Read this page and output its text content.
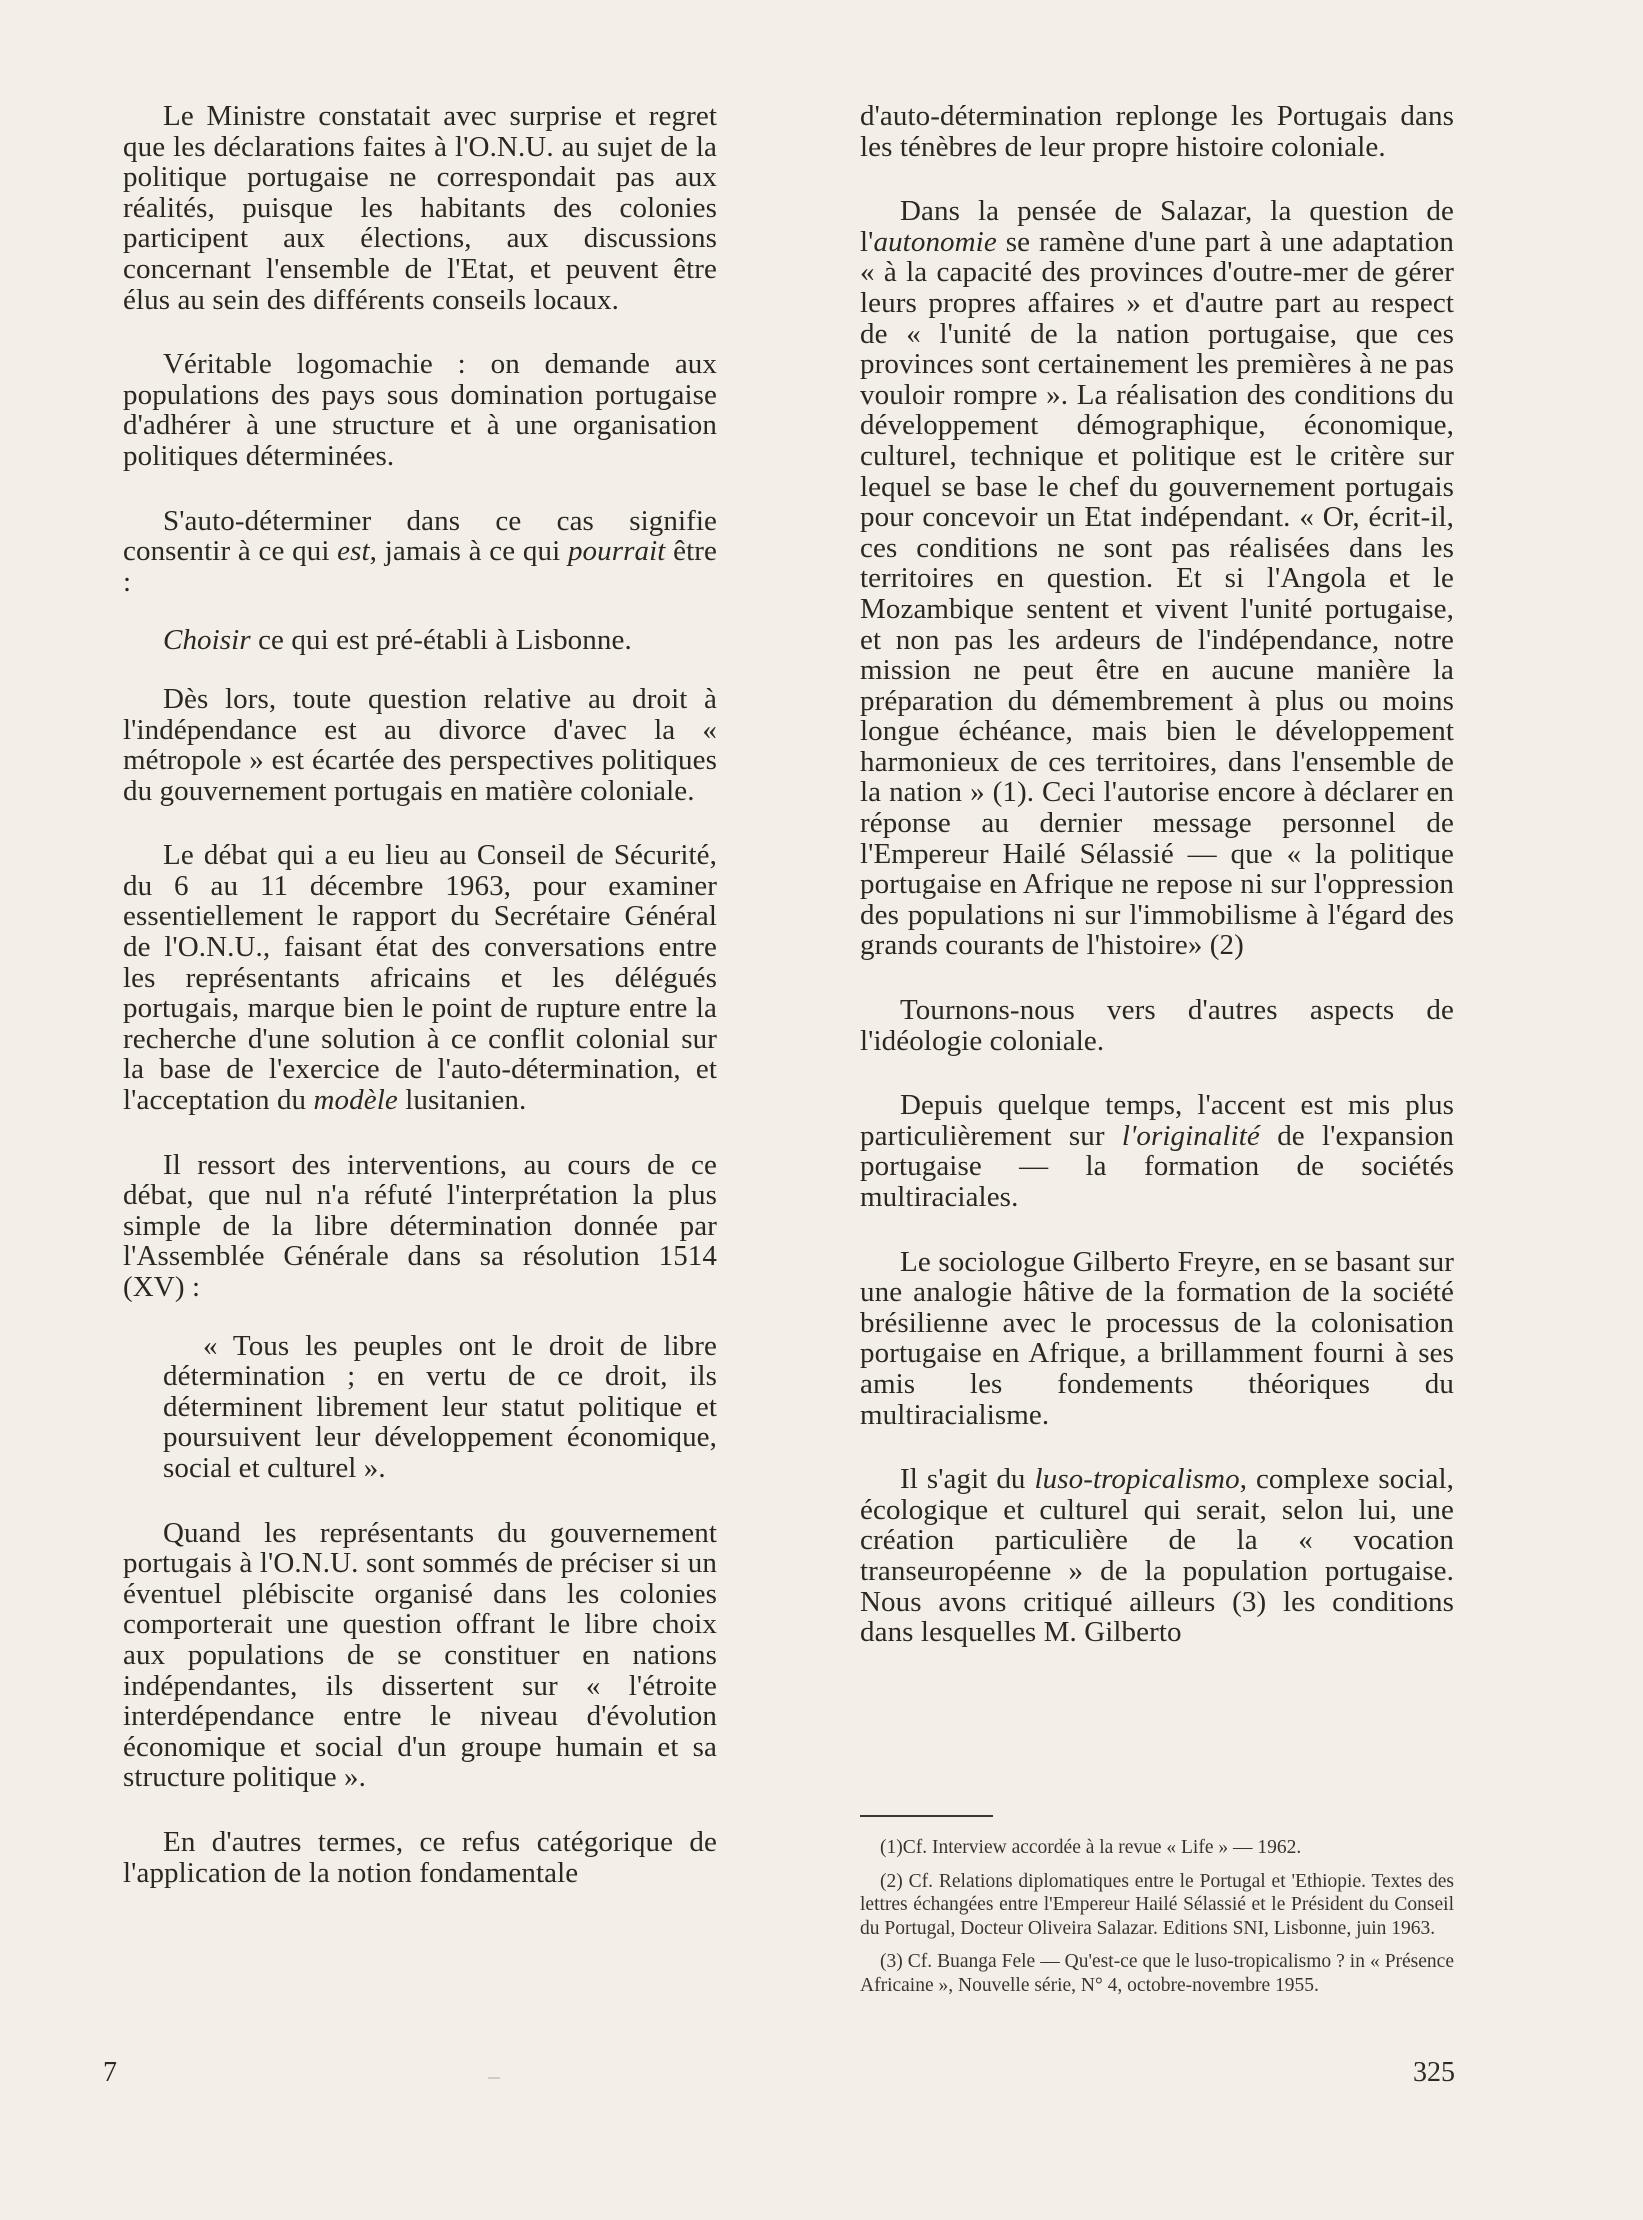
Le Ministre constatait avec surprise et regret que les déclarations faites à l'O.N.U. au sujet de la politique portugaise ne correspondait pas aux réalités, puisque les habitants des colonies participent aux élections, aux discussions concernant l'ensemble de l'Etat, et peuvent être élus au sein des différents conseils locaux.

Véritable logomachie : on demande aux populations des pays sous domination portugaise d'adhérer à une structure et à une organisation politiques déterminées.

S'auto-déterminer dans ce cas signifie consentir à ce qui est, jamais à ce qui pourrait être :

Choisir ce qui est pré-établi à Lisbonne.

Dès lors, toute question relative au droit à l'indépendance est au divorce d'avec la « métropole » est écartée des perspectives politiques du gouvernement portugais en matière coloniale.

Le débat qui a eu lieu au Conseil de Sécurité, du 6 au 11 décembre 1963, pour examiner essentiellement le rapport du Secrétaire Général de l'O.N.U., faisant état des conversations entre les représentants africains et les délégués portugais, marque bien le point de rupture entre la recherche d'une solution à ce conflit colonial sur la base de l'exercice de l'auto-détermination, et l'acceptation du modèle lusitanien.

Il ressort des interventions, au cours de ce débat, que nul n'a réfuté l'interprétation la plus simple de la libre détermination donnée par l'Assemblée Générale dans sa résolution 1514 (XV) :

« Tous les peuples ont le droit de libre détermination ; en vertu de ce droit, ils déterminent librement leur statut politique et poursuivent leur développement économique, social et culturel ».

Quand les représentants du gouvernement portugais à l'O.N.U. sont sommés de préciser si un éventuel plébiscite organisé dans les colonies comporterait une question offrant le libre choix aux populations de se constituer en nations indépendantes, ils dissertent sur « l'étroite interdépendance entre le niveau d'évolution économique et social d'un groupe humain et sa structure politique ».

En d'autres termes, ce refus catégorique de l'application de la notion fondamentale

d'auto-détermination replonge les Portugais dans les ténèbres de leur propre histoire coloniale.

Dans la pensée de Salazar, la question de l'autonomie se ramène d'une part à une adaptation « à la capacité des provinces d'outre-mer de gérer leurs propres affaires » et d'autre part au respect de « l'unité de la nation portugaise, que ces provinces sont certainement les premières à ne pas vouloir rompre ». La réalisation des conditions du développement démographique, économique, culturel, technique et politique est le critère sur lequel se base le chef du gouvernement portugais pour concevoir un Etat indépendant. « Or, écrit-il, ces conditions ne sont pas réalisées dans les territoires en question. Et si l'Angola et le Mozambique sentent et vivent l'unité portugaise, et non pas les ardeurs de l'indépendance, notre mission ne peut être en aucune manière la préparation du démembrement à plus ou moins longue échéance, mais bien le développement harmonieux de ces territoires, dans l'ensemble de la nation » (1). Ceci l'autorise encore à déclarer en réponse au dernier message personnel de l'Empereur Hailé Sélassié — que « la politique portugaise en Afrique ne repose ni sur l'oppression des populations ni sur l'immobilisme à l'égard des grands courants de l'histoire» (2)

Tournons-nous vers d'autres aspects de l'idéologie coloniale.

Depuis quelque temps, l'accent est mis plus particulièrement sur l'originalité de l'expansion portugaise — la formation de sociétés multiraciales.

Le sociologue Gilberto Freyre, en se basant sur une analogie hâtive de la formation de la société brésilienne avec le processus de la colonisation portugaise en Afrique, a brillamment fourni à ses amis les fondements théoriques du multiracialisme.

Il s'agit du luso-tropicalismo, complexe social, écologique et culturel qui serait, selon lui, une création particulière de la « vocation transeuropéenne » de la population portugaise. Nous avons critiqué ailleurs (3) les conditions dans lesquelles M. Gilberto

(1)Cf. Interview accordée à la revue « Life » — 1962.

(2) Cf. Relations diplomatiques entre le Portugal et 'Ethiopie. Textes des lettres échangées entre l'Empereur Hailé Sélassié et le Président du Conseil du Portugal, Docteur Oliveira Salazar. Editions SNI, Lisbonne, juin 1963.

(3) Cf. Buanga Fele — Qu'est-ce que le luso-tropicalismo ? in « Présence Africaine », Nouvelle série, N° 4, octobre-novembre 1955.

7	325
